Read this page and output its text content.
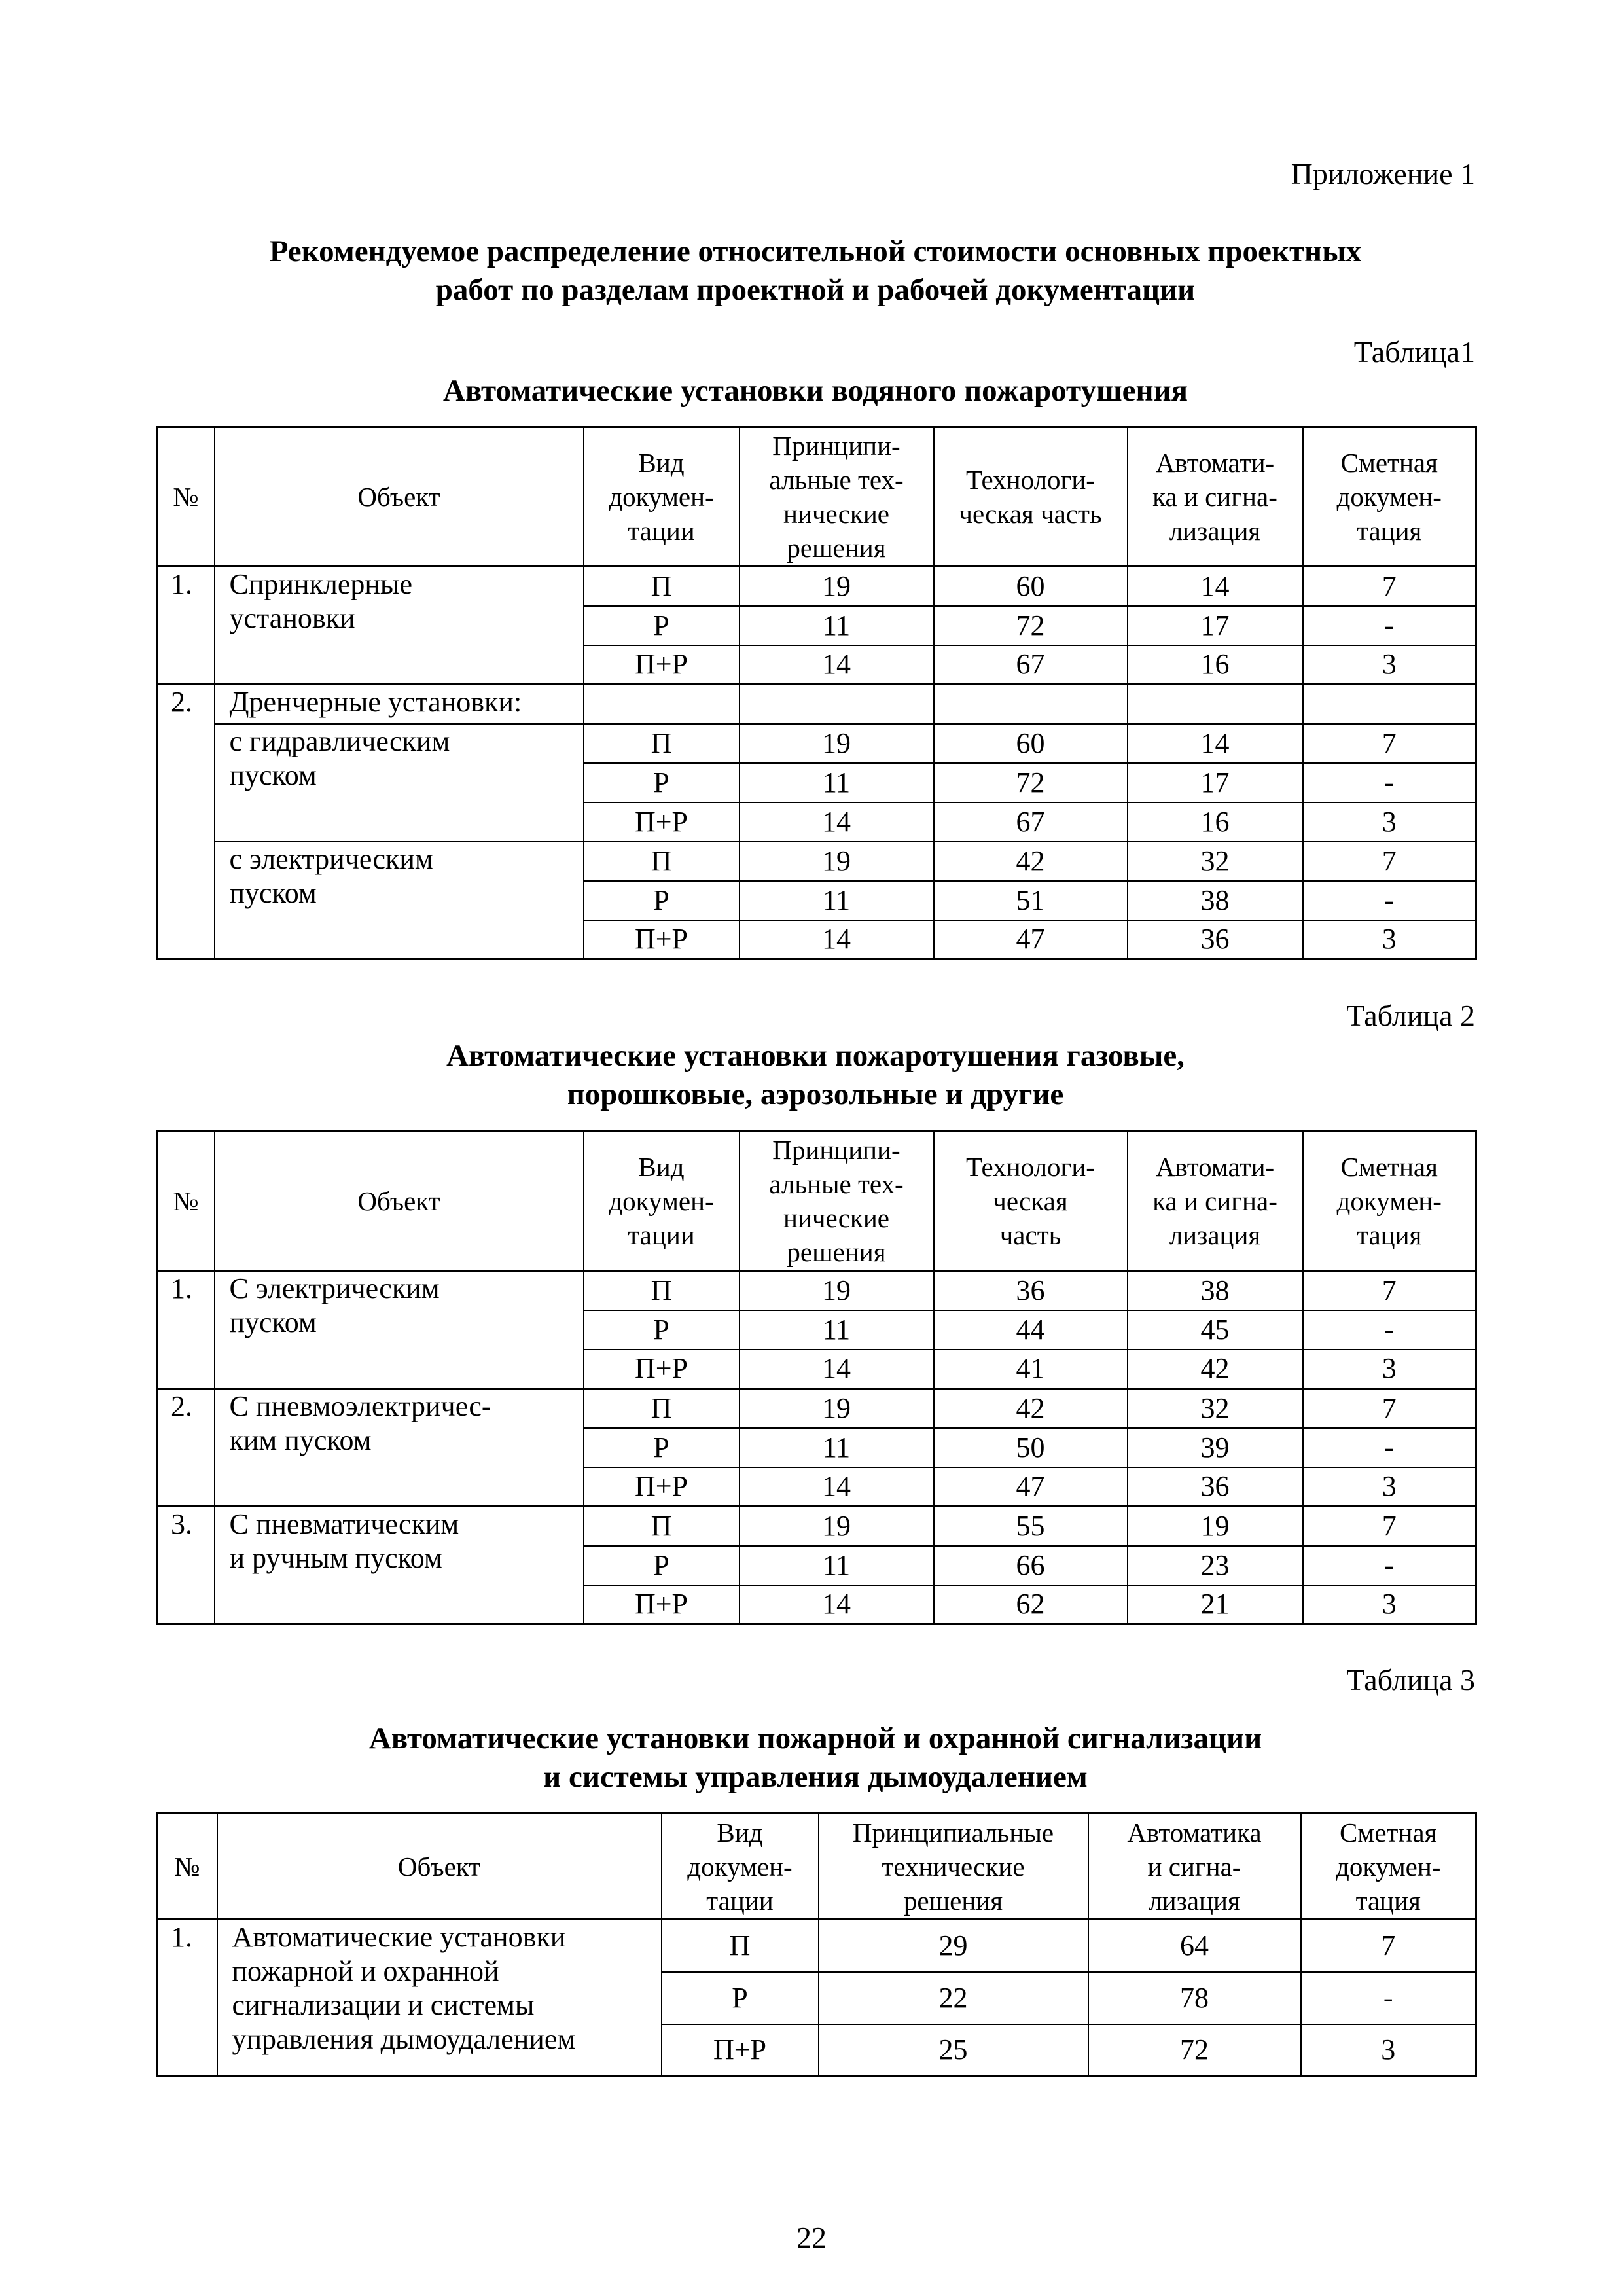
Приложение 1
Рекомендуемое распределение относительной стоимости основных проектных
работ по разделам проектной и рабочей документации
Таблица1
Автоматические установки водяного пожаротушения
№	Объект	Вид
докумен-
тации	Принципи-
альные тех-
нические
решения	Технологи-
ческая часть	Автомати-
ка и сигна-
лизация	Сметная
докумен-
тация
1.	Спринклерные
установки	П	19	60	14	7
		Р	11	72	17	-
		П+Р	14	67	16	3
2.	Дренчерные установки:					
	с гидравлическим
пуском	П	19	60	14	7
		Р	11	72	17	-
		П+Р	14	67	16	3
	с электрическим
пуском	П	19	42	32	7
		Р	11	51	38	-
		П+Р	14	47	36	3
Таблица 2
Автоматические установки пожаротушения газовые,
порошковые, аэрозольные и другие
№	Объект	Вид
докумен-
тации	Принципи-
альные тех-
нические
решения	Технологи-
ческая
часть	Автомати-
ка и сигна-
лизация	Сметная
докумен-
тация
1.	С электрическим
пуском	П	19	36	38	7
		Р	11	44	45	-
		П+Р	14	41	42	3
2.	С пневмоэлектричес-
ким пуском	П	19	42	32	7
		Р	11	50	39	-
		П+Р	14	47	36	3
3.	С пневматическим
и ручным пуском	П	19	55	19	7
		Р	11	66	23	-
		П+Р	14	62	21	3
Таблица 3
Автоматические установки пожарной и охранной сигнализации
и системы управления дымоудалением
№	Объект	Вид
докумен-
тации	Принципиальные
технические
решения	Автоматика
и сигна-
лизация	Сметная
докумен-
тация
1.	Автоматические установки
пожарной и охранной
сигнализации и системы
управления дымоудалением	П	29	64	7
		Р	22	78	-
		П+Р	25	72	3
22
